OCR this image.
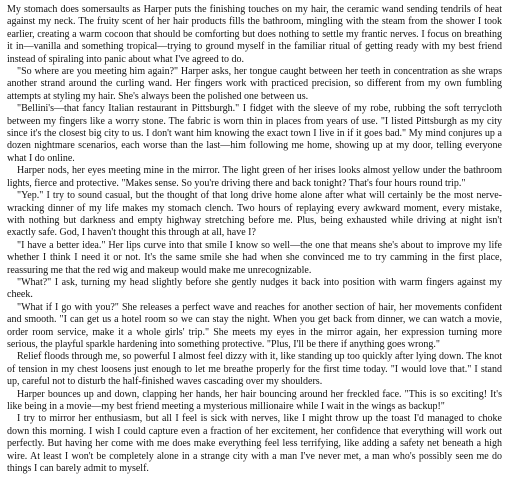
My stomach does somersaults as Harper puts the finishing touches on my hair, the ceramic wand sending tendrils of heat against my neck. The fruity scent of her hair products fills the bathroom, mingling with the steam from the shower I took earlier, creating a warm cocoon that should be comforting but does nothing to settle my frantic nerves. I focus on breathing it in—vanilla and something tropical—trying to ground myself in the familiar ritual of getting ready with my best friend instead of spiraling into panic about what I've agreed to do.

"So where are you meeting him again?" Harper asks, her tongue caught between her teeth in concentration as she wraps another strand around the curling wand. Her fingers work with practiced precision, so different from my own fumbling attempts at styling my hair. She's always been the polished one between us.

"Bellini's—that fancy Italian restaurant in Pittsburgh." I fidget with the sleeve of my robe, rubbing the soft terrycloth between my fingers like a worry stone. The fabric is worn thin in places from years of use. "I listed Pittsburgh as my city since it's the closest big city to us. I don't want him knowing the exact town I live in if it goes bad." My mind conjures up a dozen nightmare scenarios, each worse than the last—him following me home, showing up at my door, telling everyone what I do online.

Harper nods, her eyes meeting mine in the mirror. The light green of her irises looks almost yellow under the bathroom lights, fierce and protective. "Makes sense. So you're driving there and back tonight? That's four hours round trip."

"Yep." I try to sound casual, but the thought of that long drive home alone after what will certainly be the most nerve-wracking dinner of my life makes my stomach clench. Two hours of replaying every awkward moment, every mistake, with nothing but darkness and empty highway stretching before me. Plus, being exhausted while driving at night isn't exactly safe. God, I haven't thought this through at all, have I?

"I have a better idea." Her lips curve into that smile I know so well—the one that means she's about to improve my life whether I think I need it or not. It's the same smile she had when she convinced me to try camming in the first place, reassuring me that the red wig and makeup would make me unrecognizable.

"What?" I ask, turning my head slightly before she gently nudges it back into position with warm fingers against my cheek.

"What if I go with you?" She releases a perfect wave and reaches for another section of hair, her movements confident and smooth. "I can get us a hotel room so we can stay the night. When you get back from dinner, we can watch a movie, order room service, make it a whole girls' trip." She meets my eyes in the mirror again, her expression turning more serious, the playful sparkle hardening into something protective. "Plus, I'll be there if anything goes wrong."

Relief floods through me, so powerful I almost feel dizzy with it, like standing up too quickly after lying down. The knot of tension in my chest loosens just enough to let me breathe properly for the first time today. "I would love that." I stand up, careful not to disturb the half-finished waves cascading over my shoulders.

Harper bounces up and down, clapping her hands, her hair bouncing around her freckled face. "This is so exciting! It's like being in a movie—my best friend meeting a mysterious millionaire while I wait in the wings as backup!"

I try to mirror her enthusiasm, but all I feel is sick with nerves, like I might throw up the toast I'd managed to choke down this morning. I wish I could capture even a fraction of her excitement, her confidence that everything will work out perfectly. But having her come with me does make everything feel less terrifying, like adding a safety net beneath a high wire. At least I won't be completely alone in a strange city with a man I've never met, a man who's possibly seen me do things I can barely admit to myself.
